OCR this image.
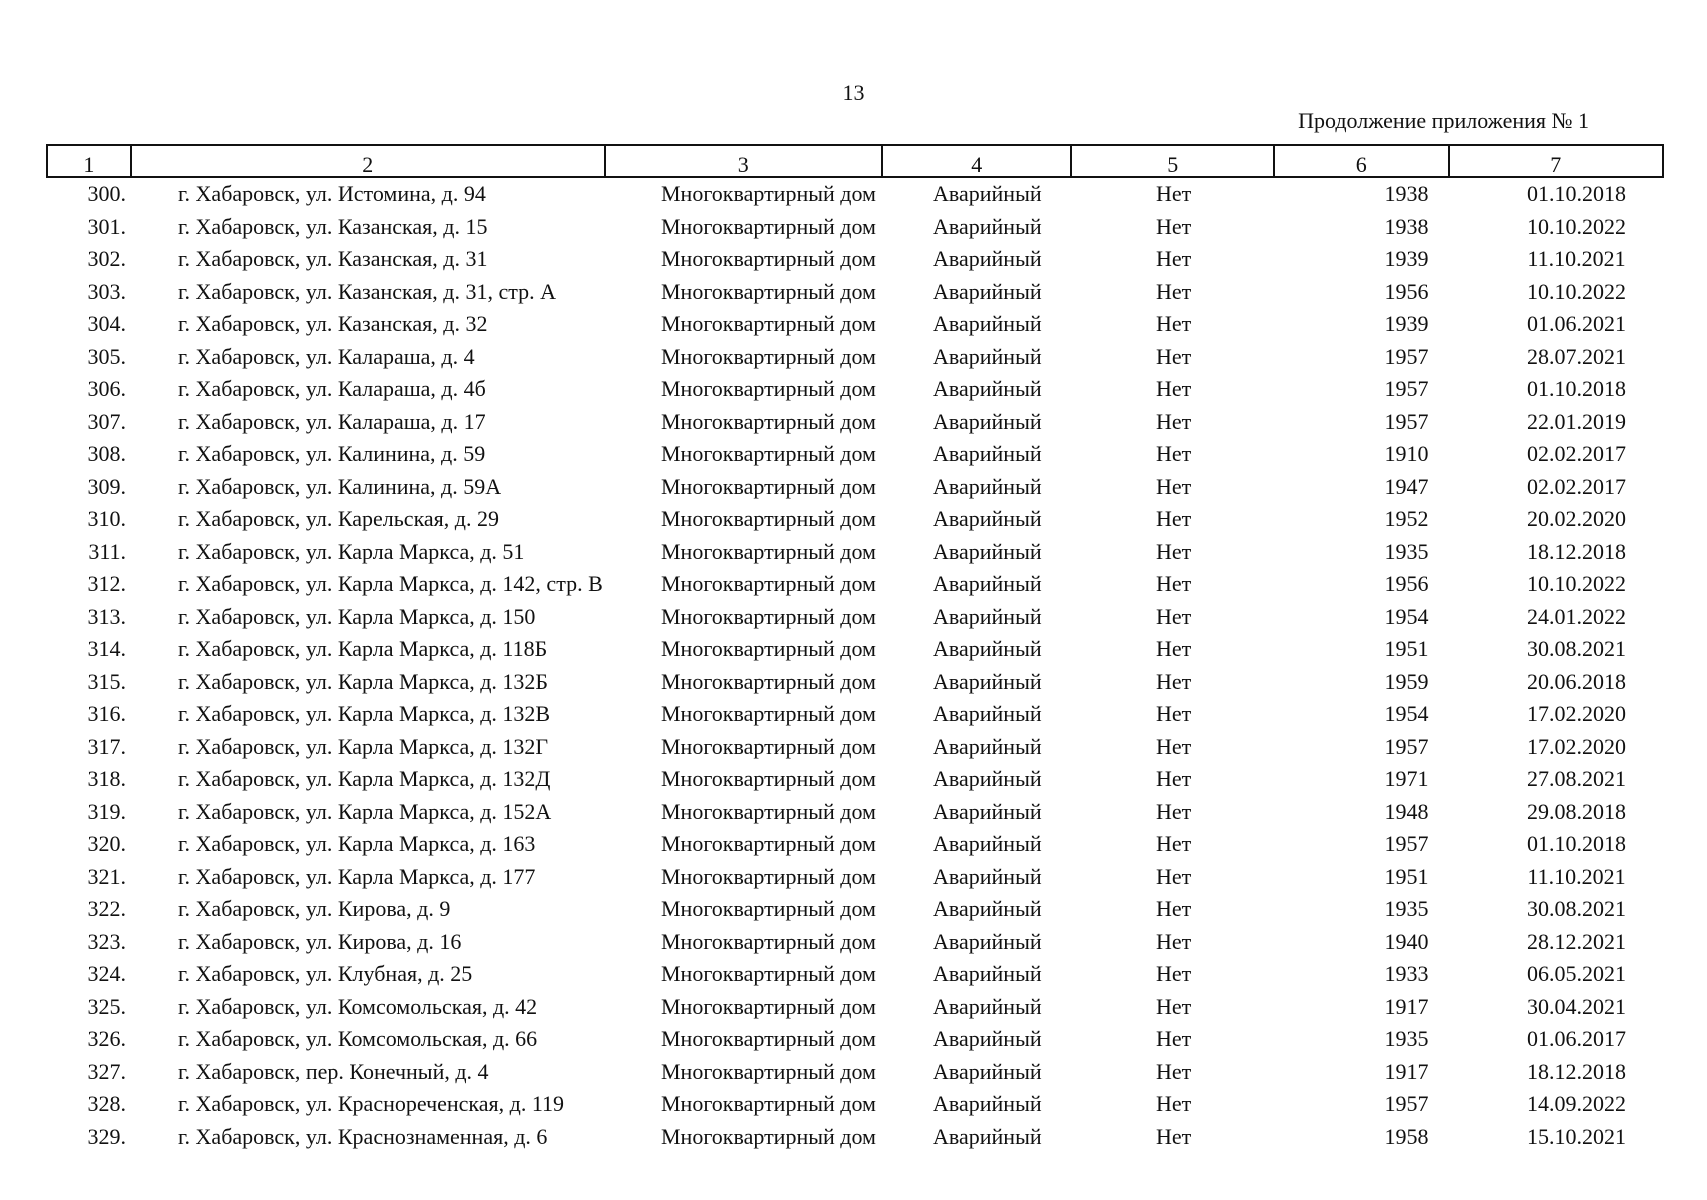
13
Продолжение приложения № 1
1	2	3	4	5	6	7
300.	г. Хабаровск, ул. Истомина, д. 94	Многоквартирный дом	Аварийный	Нет	1938	01.10.2018
301.	г. Хабаровск, ул. Казанская, д. 15	Многоквартирный дом	Аварийный	Нет	1938	10.10.2022
302.	г. Хабаровск, ул. Казанская, д. 31	Многоквартирный дом	Аварийный	Нет	1939	11.10.2021
303.	г. Хабаровск, ул. Казанская, д. 31, стр. А	Многоквартирный дом	Аварийный	Нет	1956	10.10.2022
304.	г. Хабаровск, ул. Казанская, д. 32	Многоквартирный дом	Аварийный	Нет	1939	01.06.2021
305.	г. Хабаровск, ул. Калараша, д. 4	Многоквартирный дом	Аварийный	Нет	1957	28.07.2021
306.	г. Хабаровск, ул. Калараша, д. 4б	Многоквартирный дом	Аварийный	Нет	1957	01.10.2018
307.	г. Хабаровск, ул. Калараша, д. 17	Многоквартирный дом	Аварийный	Нет	1957	22.01.2019
308.	г. Хабаровск, ул. Калинина, д. 59	Многоквартирный дом	Аварийный	Нет	1910	02.02.2017
309.	г. Хабаровск, ул. Калинина, д. 59А	Многоквартирный дом	Аварийный	Нет	1947	02.02.2017
310.	г. Хабаровск, ул. Карельская, д. 29	Многоквартирный дом	Аварийный	Нет	1952	20.02.2020
311.	г. Хабаровск, ул. Карла Маркса, д. 51	Многоквартирный дом	Аварийный	Нет	1935	18.12.2018
312.	г. Хабаровск, ул. Карла Маркса, д. 142, стр. В	Многоквартирный дом	Аварийный	Нет	1956	10.10.2022
313.	г. Хабаровск, ул. Карла Маркса, д. 150	Многоквартирный дом	Аварийный	Нет	1954	24.01.2022
314.	г. Хабаровск, ул. Карла Маркса, д. 118Б	Многоквартирный дом	Аварийный	Нет	1951	30.08.2021
315.	г. Хабаровск, ул. Карла Маркса, д. 132Б	Многоквартирный дом	Аварийный	Нет	1959	20.06.2018
316.	г. Хабаровск, ул. Карла Маркса, д. 132В	Многоквартирный дом	Аварийный	Нет	1954	17.02.2020
317.	г. Хабаровск, ул. Карла Маркса, д. 132Г	Многоквартирный дом	Аварийный	Нет	1957	17.02.2020
318.	г. Хабаровск, ул. Карла Маркса, д. 132Д	Многоквартирный дом	Аварийный	Нет	1971	27.08.2021
319.	г. Хабаровск, ул. Карла Маркса, д. 152А	Многоквартирный дом	Аварийный	Нет	1948	29.08.2018
320.	г. Хабаровск, ул. Карла Маркса, д. 163	Многоквартирный дом	Аварийный	Нет	1957	01.10.2018
321.	г. Хабаровск, ул. Карла Маркса, д. 177	Многоквартирный дом	Аварийный	Нет	1951	11.10.2021
322.	г. Хабаровск, ул. Кирова, д. 9	Многоквартирный дом	Аварийный	Нет	1935	30.08.2021
323.	г. Хабаровск, ул. Кирова, д. 16	Многоквартирный дом	Аварийный	Нет	1940	28.12.2021
324.	г. Хабаровск, ул. Клубная, д. 25	Многоквартирный дом	Аварийный	Нет	1933	06.05.2021
325.	г. Хабаровск, ул. Комсомольская, д. 42	Многоквартирный дом	Аварийный	Нет	1917	30.04.2021
326.	г. Хабаровск, ул. Комсомольская, д. 66	Многоквартирный дом	Аварийный	Нет	1935	01.06.2017
327.	г. Хабаровск, пер. Конечный, д. 4	Многоквартирный дом	Аварийный	Нет	1917	18.12.2018
328.	г. Хабаровск, ул. Краснореченская, д. 119	Многоквартирный дом	Аварийный	Нет	1957	14.09.2022
329.	г. Хабаровск, ул. Краснознаменная, д. 6	Многоквартирный дом	Аварийный	Нет	1958	15.10.2021
